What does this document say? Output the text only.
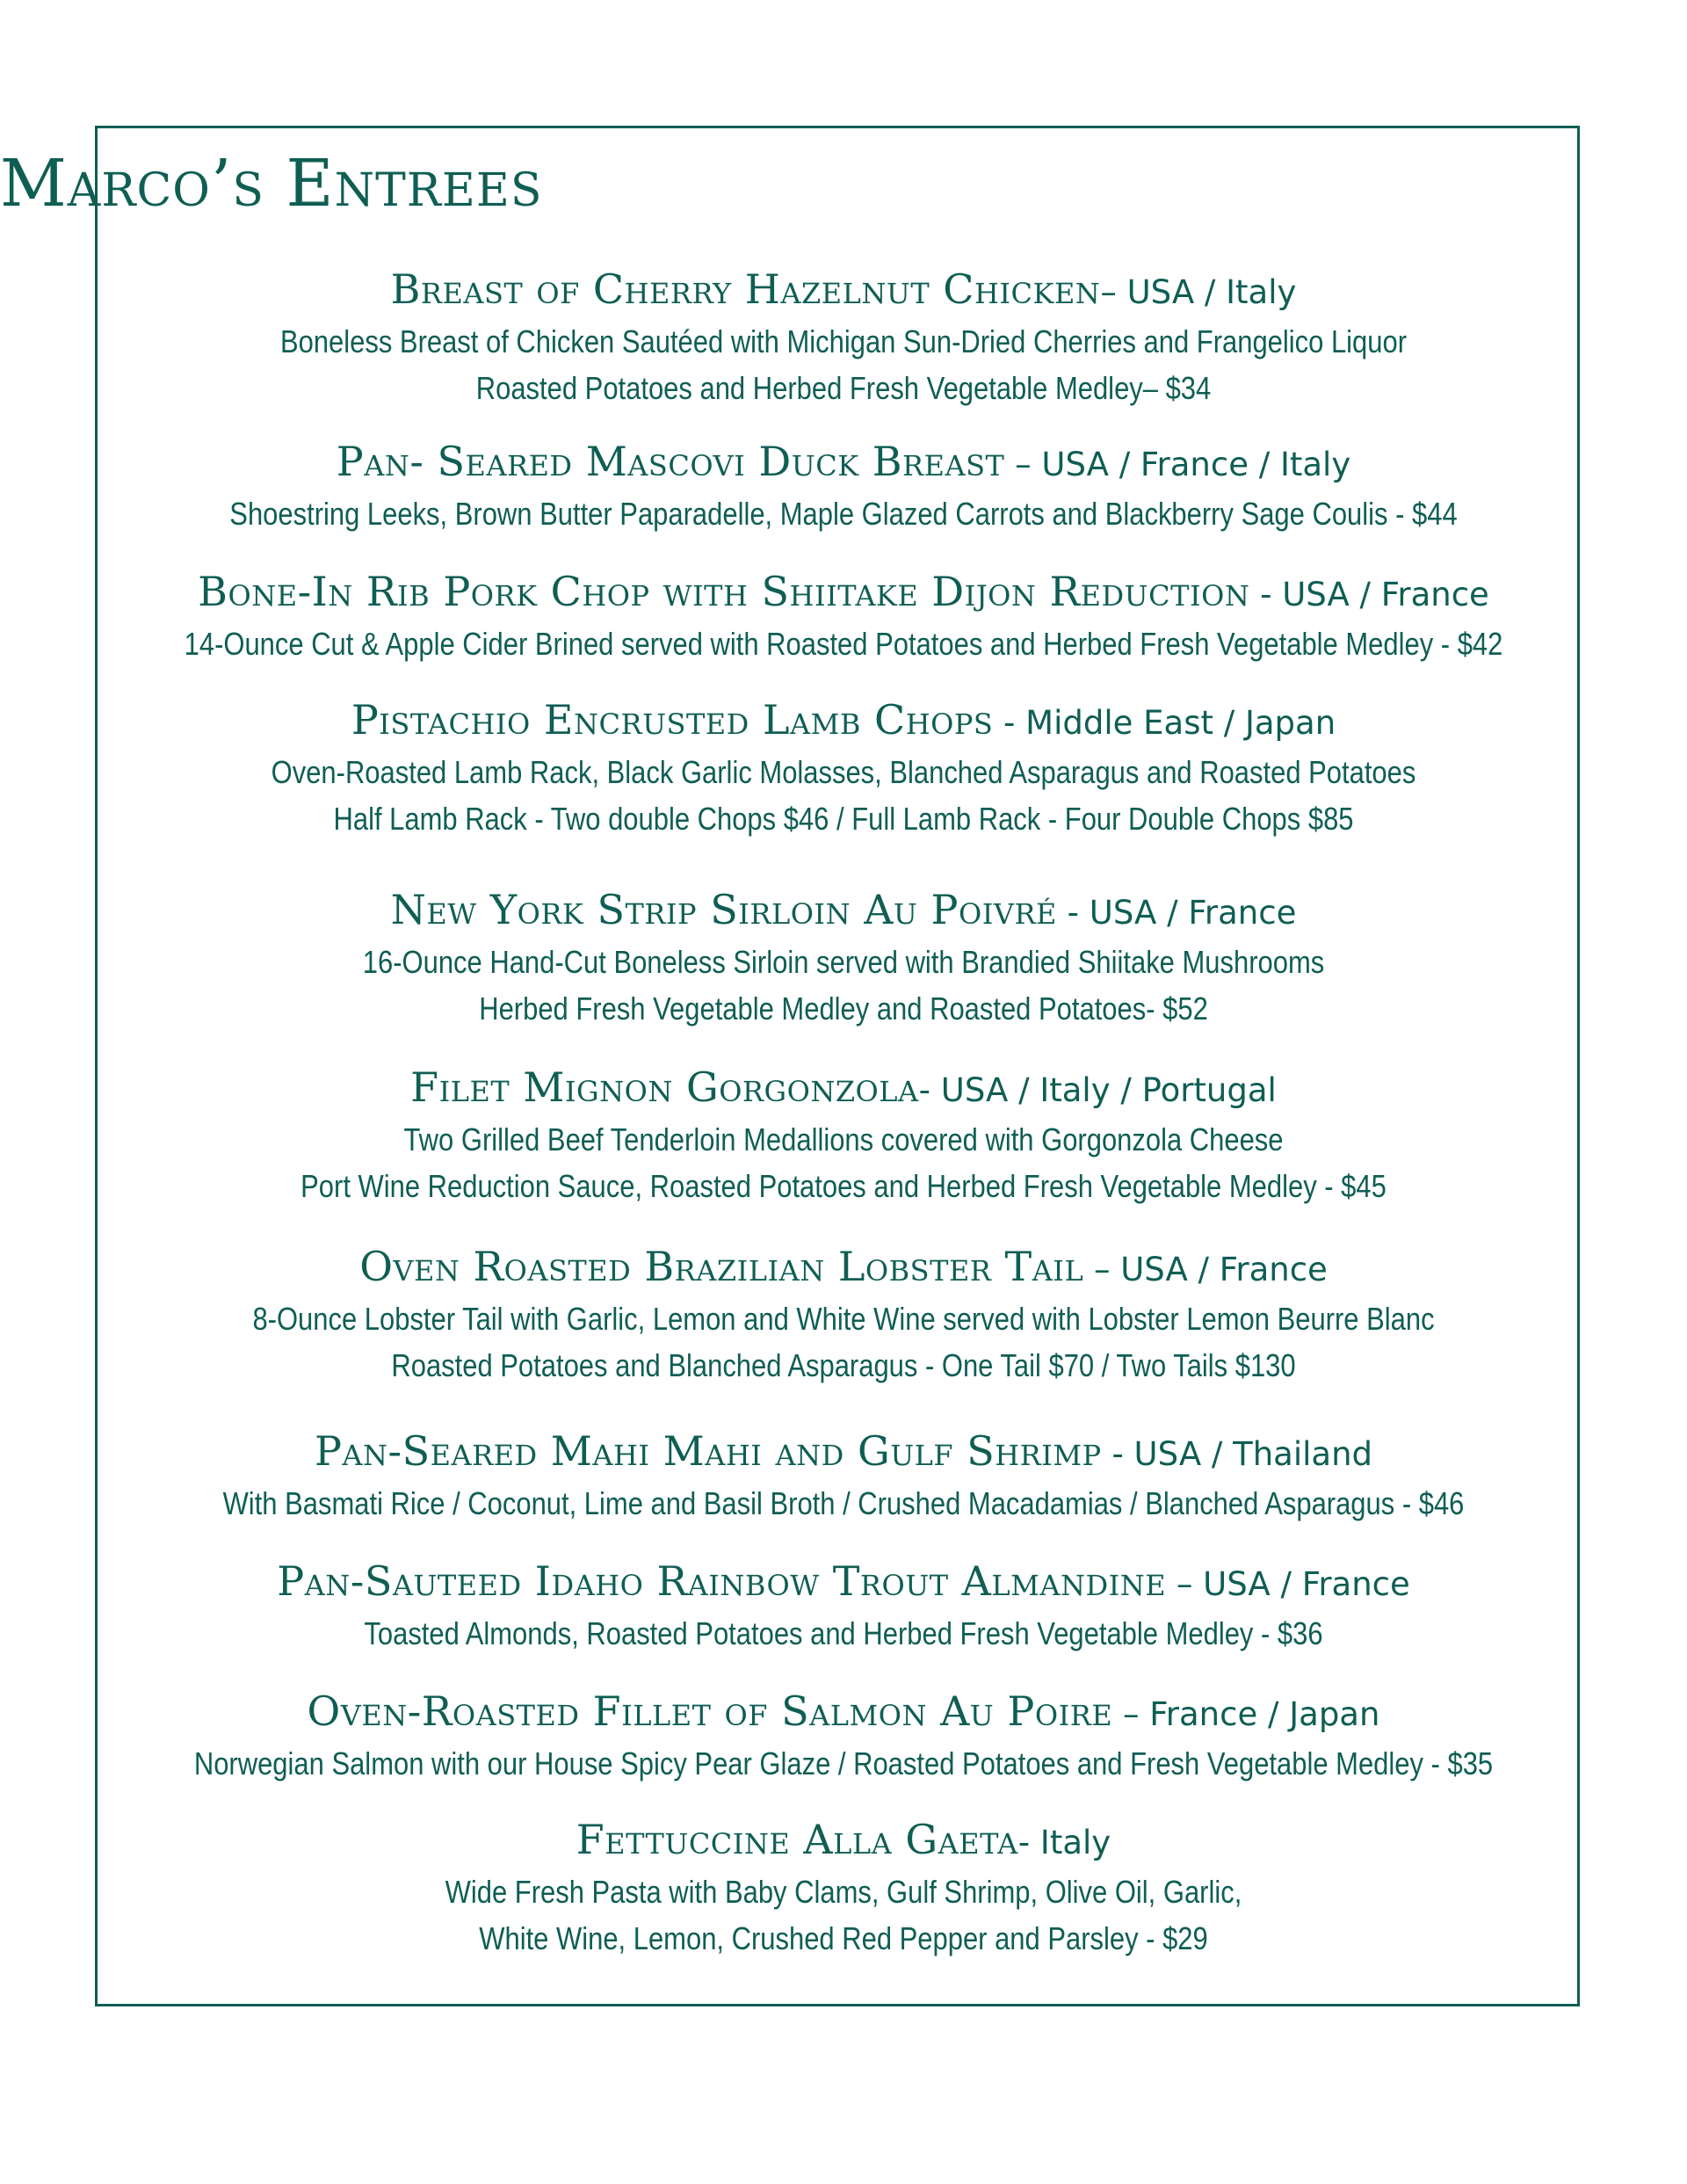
Marco’s Entrees
Breast of Cherry Hazelnut Chicken– USA / Italy
Boneless Breast of Chicken Sautéed with Michigan Sun-Dried Cherries and Frangelico Liquor
Roasted Potatoes and Herbed Fresh Vegetable Medley– $34
Pan- Seared Mascovi Duck Breast – USA / France / Italy
Shoestring Leeks, Brown Butter Paparadelle, Maple Glazed Carrots and Blackberry Sage Coulis - $44
Bone-In Rib Pork Chop with Shiitake Dijon Reduction - USA / France
14-Ounce Cut & Apple Cider Brined served with Roasted Potatoes and Herbed Fresh Vegetable Medley - $42
Pistachio Encrusted Lamb Chops - Middle East / Japan
Oven-Roasted Lamb Rack, Black Garlic Molasses, Blanched Asparagus and Roasted Potatoes
Half Lamb Rack - Two double Chops $46 / Full Lamb Rack - Four Double Chops $85
New York Strip Sirloin Au Poivré - USA / France
16-Ounce Hand-Cut Boneless Sirloin served with Brandied Shiitake Mushrooms
Herbed Fresh Vegetable Medley and Roasted Potatoes- $52
Filet Mignon Gorgonzola- USA / Italy / Portugal
Two Grilled Beef Tenderloin Medallions covered with Gorgonzola Cheese
Port Wine Reduction Sauce, Roasted Potatoes and Herbed Fresh Vegetable Medley - $45
Oven Roasted Brazilian Lobster Tail – USA / France
8-Ounce Lobster Tail with Garlic, Lemon and White Wine served with Lobster Lemon Beurre Blanc
Roasted Potatoes and Blanched Asparagus - One Tail $70 / Two Tails $130
Pan-Seared Mahi Mahi and Gulf Shrimp - USA / Thailand
With Basmati Rice / Coconut, Lime and Basil Broth / Crushed Macadamias / Blanched Asparagus - $46
Pan-Sauteed Idaho Rainbow Trout Almandine – USA / France
Toasted Almonds, Roasted Potatoes and Herbed Fresh Vegetable Medley - $36
Oven-Roasted Fillet of Salmon Au Poire – France / Japan
Norwegian Salmon with our House Spicy Pear Glaze / Roasted Potatoes and Fresh Vegetable Medley - $35
Fettuccine Alla Gaeta- Italy
Wide Fresh Pasta with Baby Clams, Gulf Shrimp, Olive Oil, Garlic,
White Wine, Lemon, Crushed Red Pepper and Parsley - $29
